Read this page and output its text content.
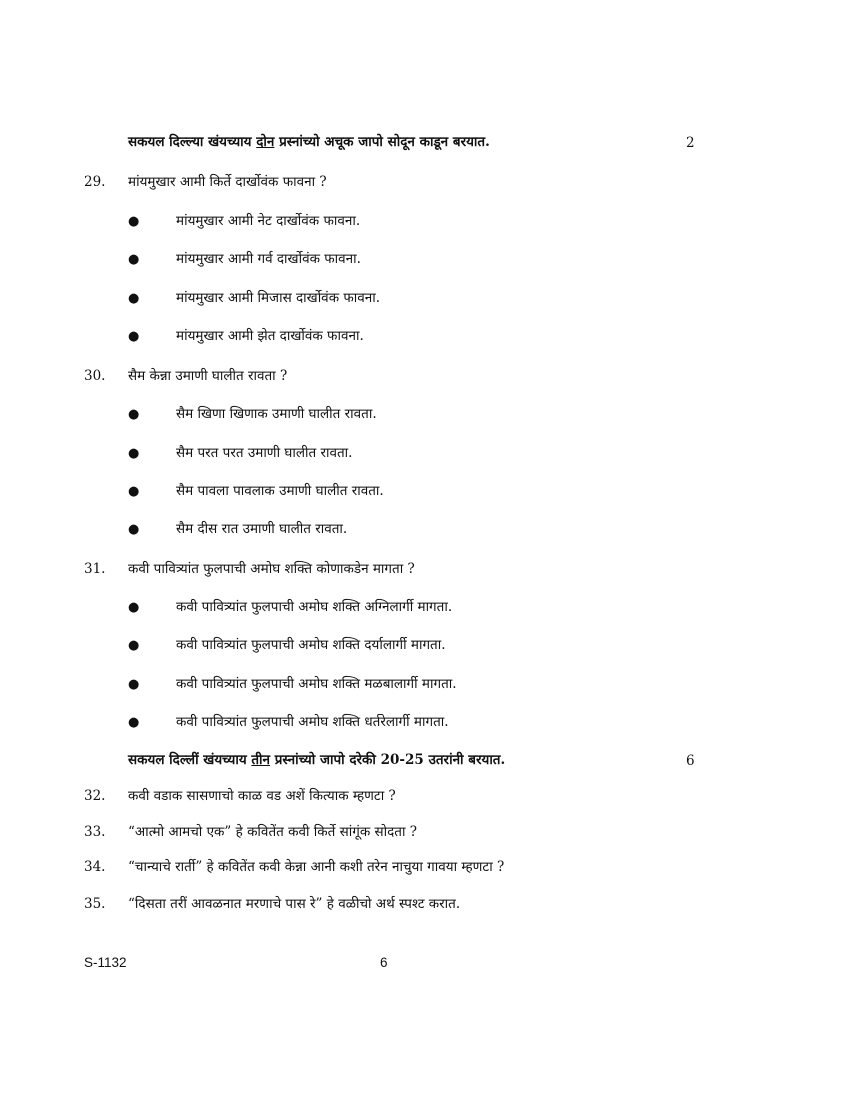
सकयल दिल्ल्या खंयच्याय दोन प्रस्नांच्यो अचूक जापो सोदून काडून बरयात.	2
29. मांयमुखार आमी किर्ते दार्खोवंक फावना ?
●	मांयमुखार आमी नेट दार्खोवंक फावना.
●	मांयमुखार आमी गर्व दार्खोवंक फावना.
●	मांयमुखार आमी मिजास दार्खोवंक फावना.
●	मांयमुखार आमी झेत दार्खोवंक फावना.
30. सैम केन्ना उमाणी घालीत रावता ?
●	सैम खिणा खिणाक उमाणी घालीत रावता.
●	सैम परत परत उमाणी घालीत रावता.
●	सैम पावला पावलाक उमाणी घालीत रावता.
●	सैम दीस रात उमाणी घालीत रावता.
31. कवी पावित्र्यांत फुलपाची अमोघ शक्ति कोणाकडेन मागता ?
●	कवी पावित्र्यांत फुलपाची अमोघ शक्ति अग्निलार्गी मागता.
●	कवी पावित्र्यांत फुलपाची अमोघ शक्ति दर्यालार्गी मागता.
●	कवी पावित्र्यांत फुलपाची अमोघ शक्ति मळबालार्गी मागता.
●	कवी पावित्र्यांत फुलपाची अमोघ शक्ति धर्तरेलार्गी मागता.
सकयल दिल्लीं खंयच्याय तीन प्रस्नांच्यो जापो दरेकी 20-25 उतरांनी बरयात.	6
32. कवी वडाक सासणाचो काळ वड अशें कित्याक म्हणटा ?
33. “आत्मो आमचो एक” हे कवितेंत कवी किर्ते सांगूंक सोदता ?
34. “चान्याचे रार्ती” हे कवितेंत कवी केन्ना आनी कशी तरेन नाचुया गावया म्हणटा ?
35. “दिसता तरीं आवळनात मरणाचे पास रे” हे वळीचो अर्थ स्पश्ट करात.
S-1132	6
